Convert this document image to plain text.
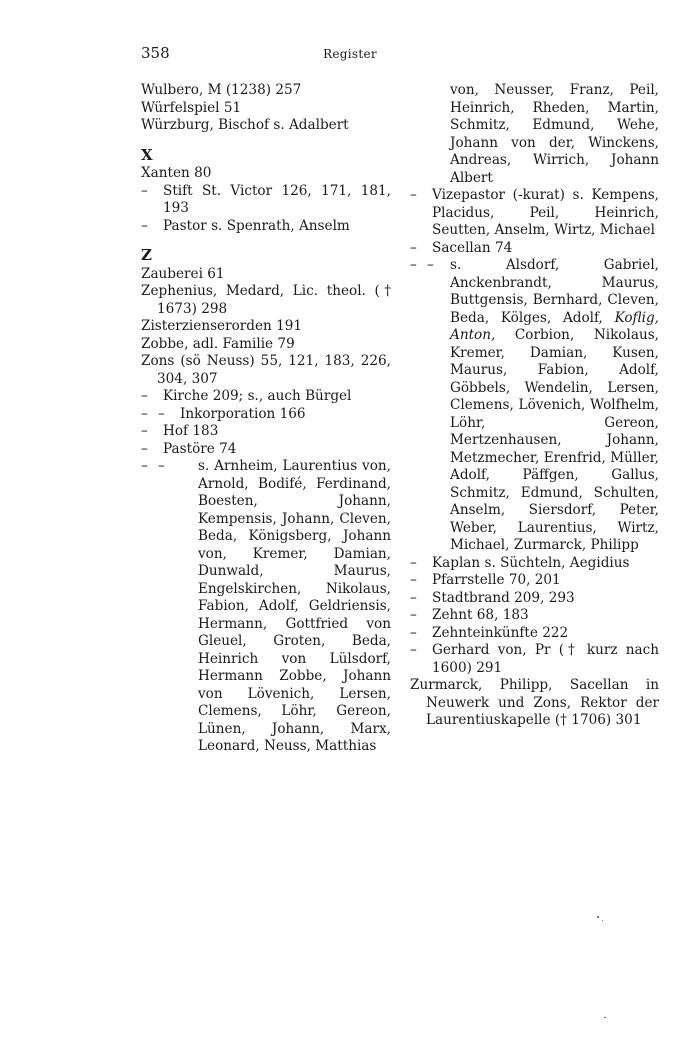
358	Register
Wulbero, M (1238) 257
Würfelspiel 51
Würzburg, Bischof s. Adalbert
X
Xanten 80
–	Stift St. Victor 126, 171, 181, 193
–	Pastor s. Spenrath, Anselm
Z
Zauberei 61
Zephenius, Medard, Lic. theol. († 1673) 298
Zisterzienserorden 191
Zobbe, adl. Familie 79
Zons (sö Neuss) 55, 121, 183, 226, 304, 307
–	Kirche 209; s., auch Bürgel
– –	Inkorporation 166
–	Hof 183
–	Pastöre 74
– –	s. Arnheim, Laurentius von, Arnold, Bodifé, Ferdinand, Boesten, Johann, Kempensis, Johann, Cleven, Beda, Königsberg, Johann von, Kremer, Damian, Dunwald, Maurus, Engelskirchen, Nikolaus, Fabion, Adolf, Geldriensis, Hermann, Gottfried von Gleuel, Groten, Beda, Heinrich von Lülsdorf, Hermann Zobbe, Johann von Lövenich, Lersen, Clemens, Löhr, Gereon, Lünen, Johann, Marx, Leonard, Neuss, Matthias
von, Neusser, Franz, Peil, Heinrich, Rheden, Martin, Schmitz, Edmund, Wehe, Johann von der, Winckens, Andreas, Wirrich, Johann Albert
–	Vizepastor (-kurat) s. Kempens, Placidus, Peil, Heinrich, Seutten, Anselm, Wirtz, Michael
–	Sacellan 74
– –	s. Alsdorf, Gabriel, Anckenbrandt, Maurus, Buttgensis, Bernhard, Cleven, Beda, Kölges, Adolf, Koflig, Anton, Corbion, Nikolaus, Kremer, Damian, Kusen, Maurus, Fabion, Adolf, Göbbels, Wendelin, Lersen, Clemens, Lövenich, Wolfhelm, Löhr, Gereon, Mertzenhausen, Johann, Metzmecher, Erenfrid, Müller, Adolf, Päffgen, Gallus, Schmitz, Edmund, Schulten, Anselm, Siersdorf, Peter, Weber, Laurentius, Wirtz, Michael, Zurmarck, Philipp
–	Kaplan s. Süchteln, Aegidius
–	Pfarrstelle 70, 201
–	Stadtbrand 209, 293
–	Zehnt 68, 183
–	Zehnteinkünfte 222
–	Gerhard von, Pr († kurz nach 1600) 291
Zurmarck, Philipp, Sacellan in Neuwerk und Zons, Rektor der Laurentiuskapelle († 1706) 301
